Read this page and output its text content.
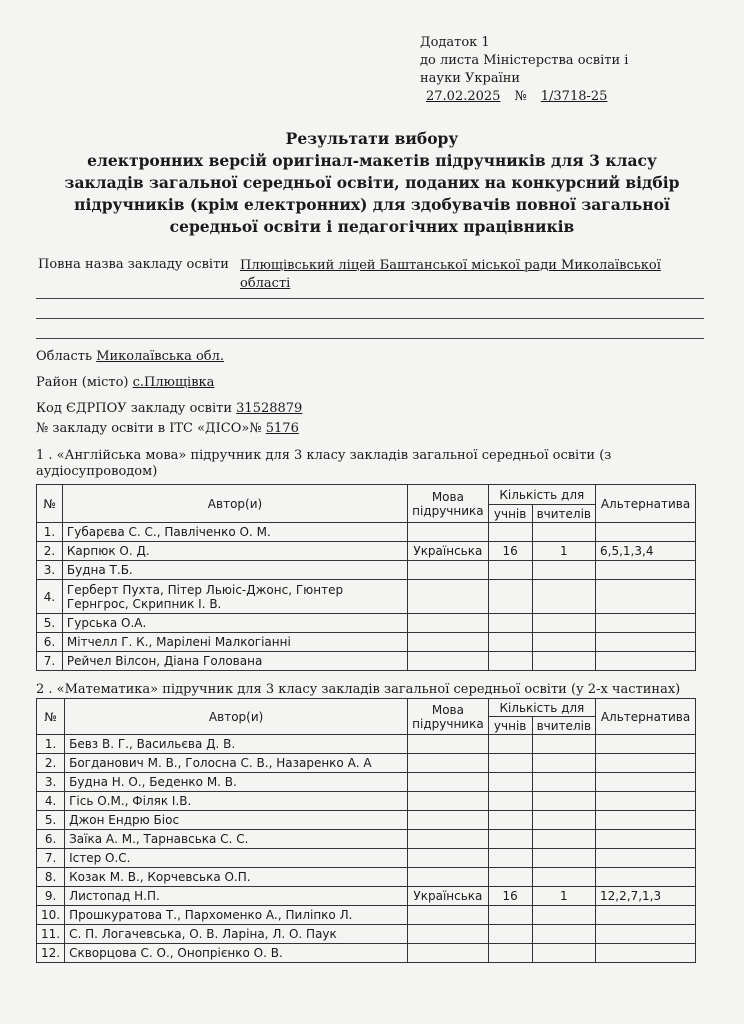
Додаток 1
до листа Міністерства освіти і
науки України
27.02.2025	№	1/3718-25
Результати вибору
електронних версій оригінал-макетів підручників для 3 класу
закладів загальної середньої освіти, поданих на конкурсний відбір
підручників (крім електронних) для здобувачів повної загальної
середньої освіти і педагогічних працівників
Повна назва закладу освіти Плющівський ліцей Баштанської міської ради Миколаївської
області
Область Миколаївська обл.
Район (місто) с.Плющівка
Код ЄДРПОУ закладу освіти 31528879
№ закладу освіти в ІТС «ДІСО»№ 5176
1 . «Англійська мова» підручник для 3 класу закладів загальної середньої освіти (з аудіосупроводом)
№	Автор(и)	Мова підручника	Кількість для		Альтернатива
			учнів	вчителів	
1.	Губарєва С. С., Павліченко О. М.				
2.	Карпюк О. Д.	Українська	16	1	6,5,1,3,4
3.	Будна Т.Б.				
4.	Герберт Пухта, Пітер Льюіс-Джонс, Гюнтер Гернгрос, Скрипник І. В.				
5.	Гурська О.А.				
6.	Мітчелл Г. К., Марілені Малкогіанні				
7.	Рейчел Вілсон, Діана Голована				
2 . «Математика» підручник для 3 класу закладів загальної середньої освіти (у 2-х частинах)
№	Автор(и)	Мова підручника	Кількість для		Альтернатива
			учнів	вчителів	
1.	Бевз В. Г., Васильєва Д. В.				
2.	Богданович М. В., Голосна С. В., Назаренко А. А				
3.	Будна Н. О., Беденко М. В.				
4.	Гісь О.М., Філяк І.В.				
5.	Джон Ендрю Біос				
6.	Заїка А. М., Тарнавська С. С.				
7.	Істер О.С.				
8.	Козак М. В., Корчевська О.П.				
9.	Листопад Н.П.	Українська	16	1	12,2,7,1,3
10.	Прошкуратова Т., Пархоменко А., Пиліпко Л.				
11.	С. П. Логачевська, О. В. Ларіна, Л. О. Паук				
12.	Скворцова С. О., Онопрієнко О. В.				
